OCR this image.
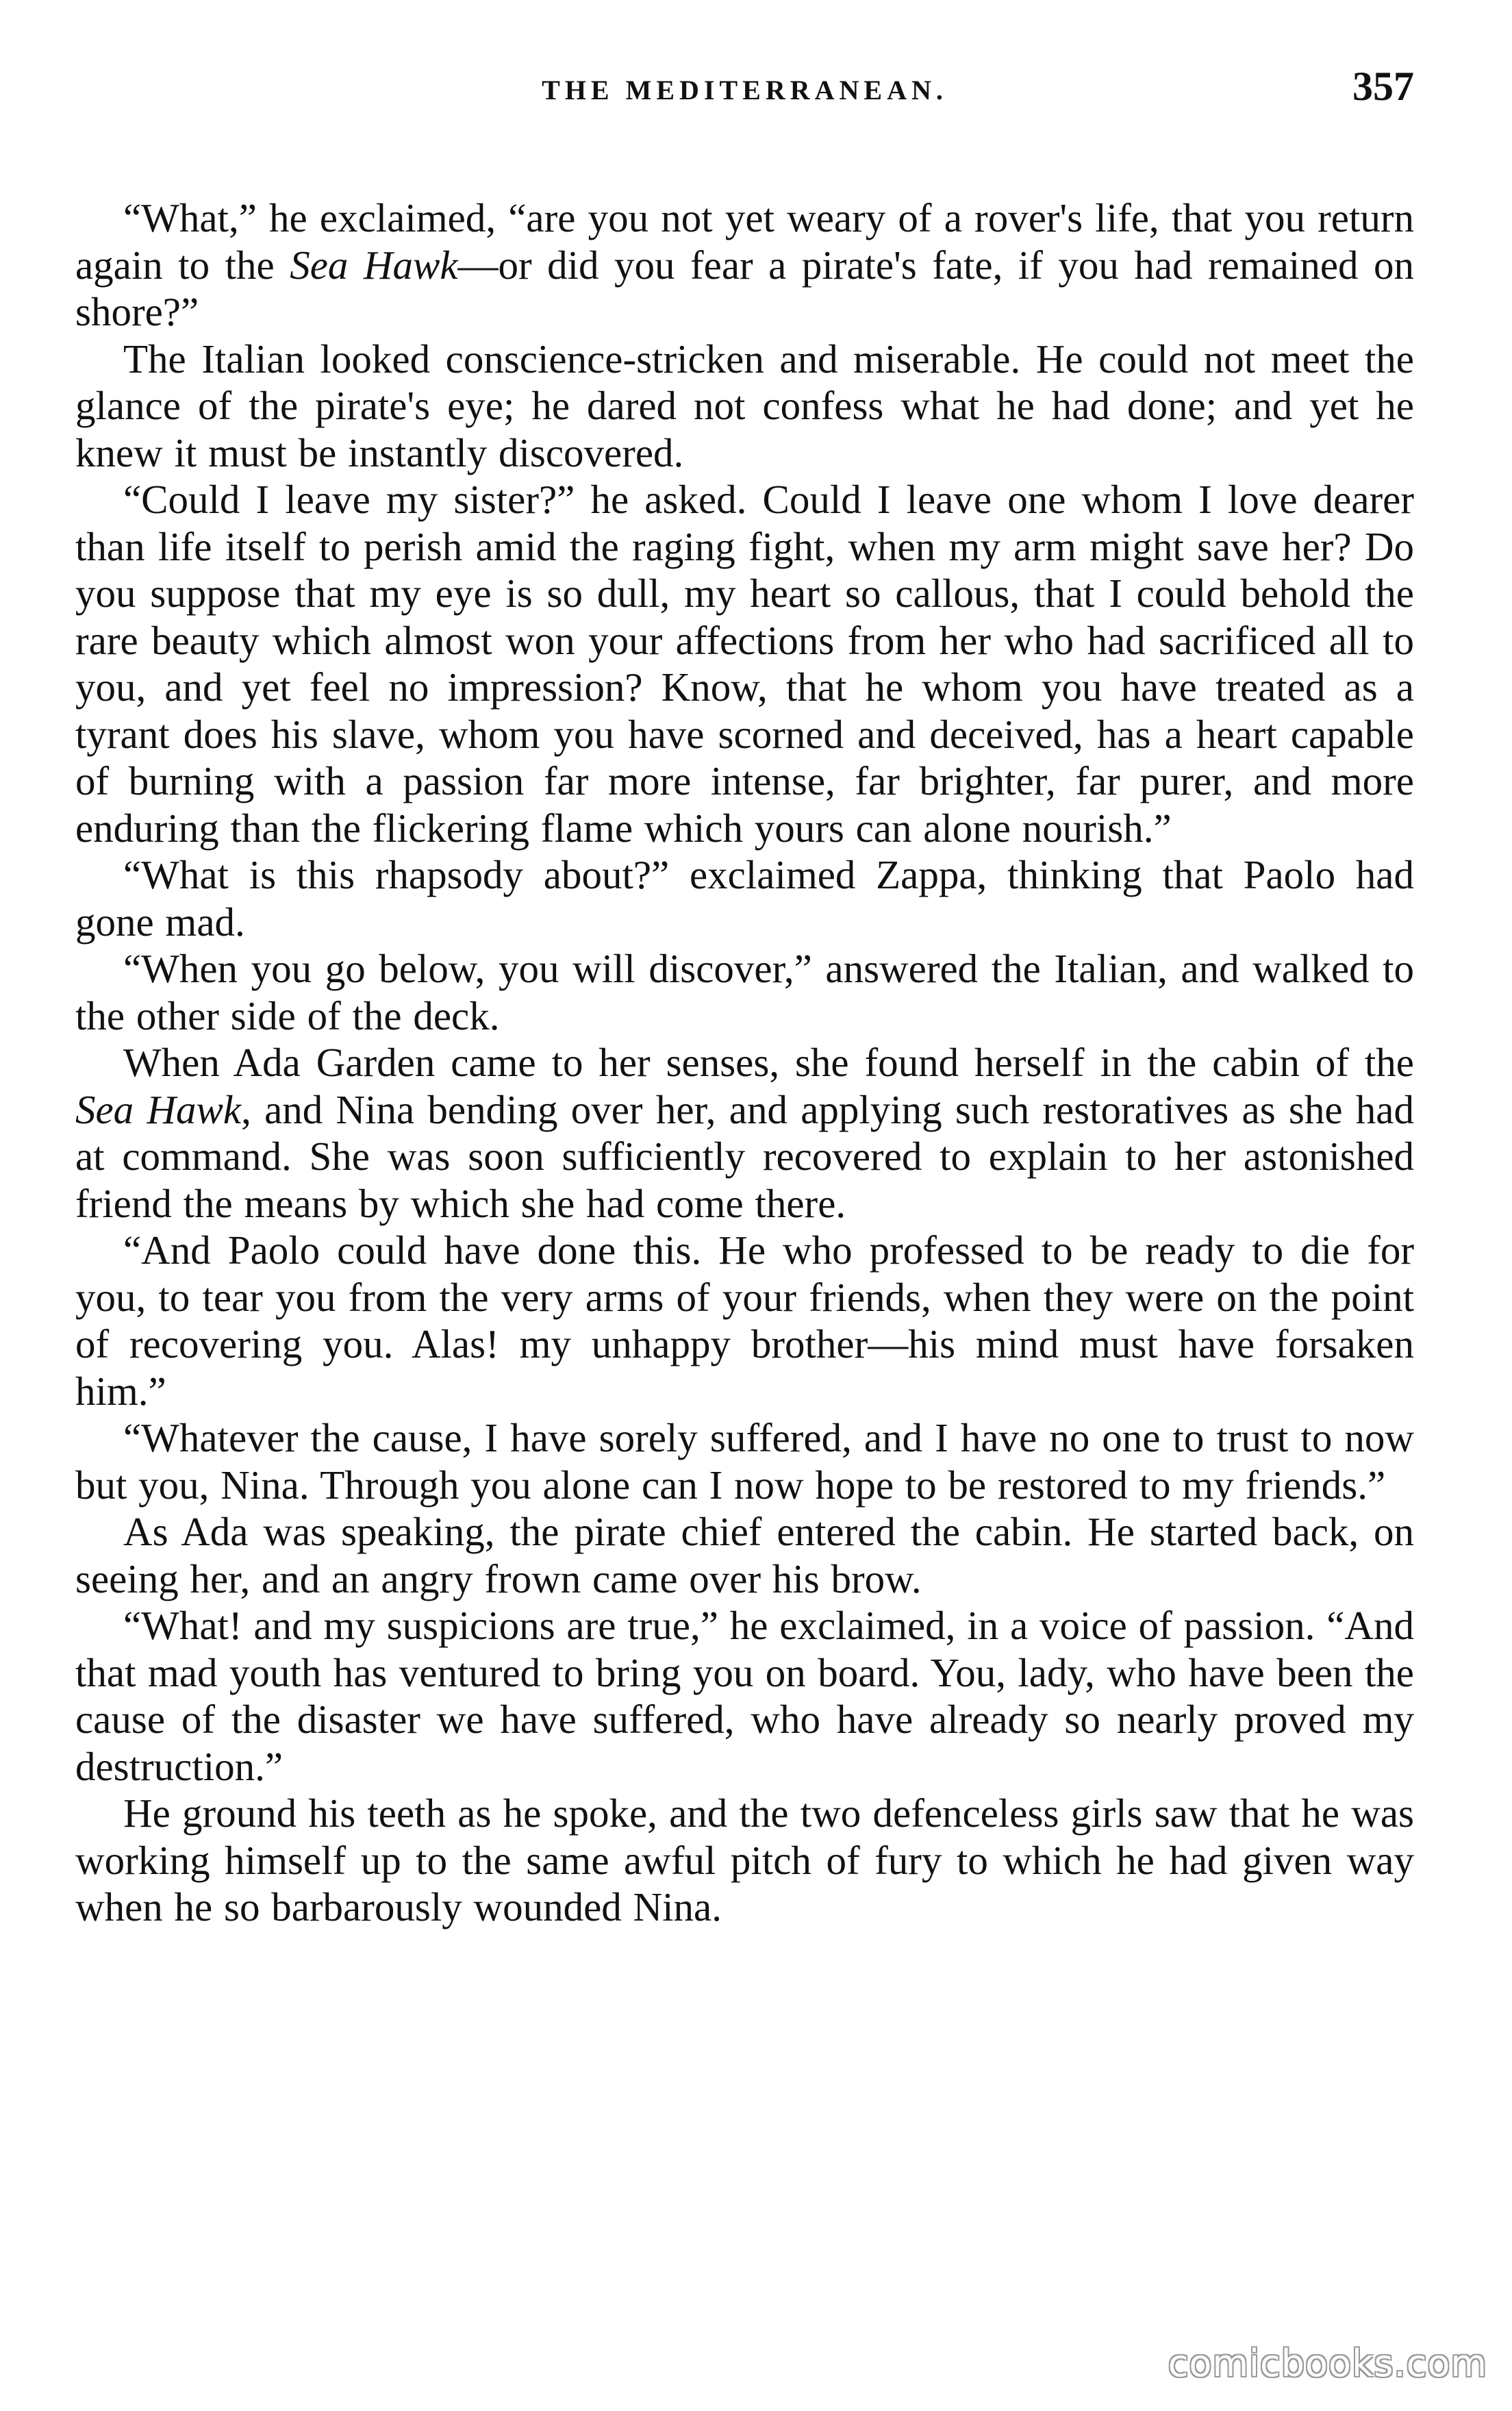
THE MEDITERRANEAN.	357

“What,” he exclaimed, “are you not yet weary of a rover's life, that you return again to the Sea Hawk—or did you fear a pirate's fate, if you had remained on shore?”

The Italian looked conscience-stricken and miserable. He could not meet the glance of the pirate's eye; he dared not confess what he had done; and yet he knew it must be instantly discovered.

“Could I leave my sister?” he asked. Could I leave one whom I love dearer than life itself to perish amid the raging fight, when my arm might save her? Do you suppose that my eye is so dull, my heart so callous, that I could behold the rare beauty which almost won your affections from her who had sacrificed all to you, and yet feel no impression? Know, that he whom you have treated as a tyrant does his slave, whom you have scorned and deceived, has a heart capable of burning with a passion far more intense, far brighter, far purer, and more enduring than the flickering flame which yours can alone nourish.”

“What is this rhapsody about?” exclaimed Zappa, thinking that Paolo had gone mad.

“When you go below, you will discover,” answered the Italian, and walked to the other side of the deck.

When Ada Garden came to her senses, she found herself in the cabin of the Sea Hawk, and Nina bending over her, and applying such restoratives as she had at command. She was soon sufficiently recovered to explain to her astonished friend the means by which she had come there.

“And Paolo could have done this. He who professed to be ready to die for you, to tear you from the very arms of your friends, when they were on the point of recovering you. Alas! my unhappy brother—his mind must have forsaken him.”

“Whatever the cause, I have sorely suffered, and I have no one to trust to now but you, Nina. Through you alone can I now hope to be restored to my friends.”

As Ada was speaking, the pirate chief entered the cabin. He started back, on seeing her, and an angry frown came over his brow.

“What! and my suspicions are true,” he exclaimed, in a voice of passion. “And that mad youth has ventured to bring you on board. You, lady, who have been the cause of the disaster we have suffered, who have already so nearly proved my destruction.”

He ground his teeth as he spoke, and the two defenceless girls saw that he was working himself up to the same awful pitch of fury to which he had given way when he so barbarously wounded Nina.

comicbooks.com
